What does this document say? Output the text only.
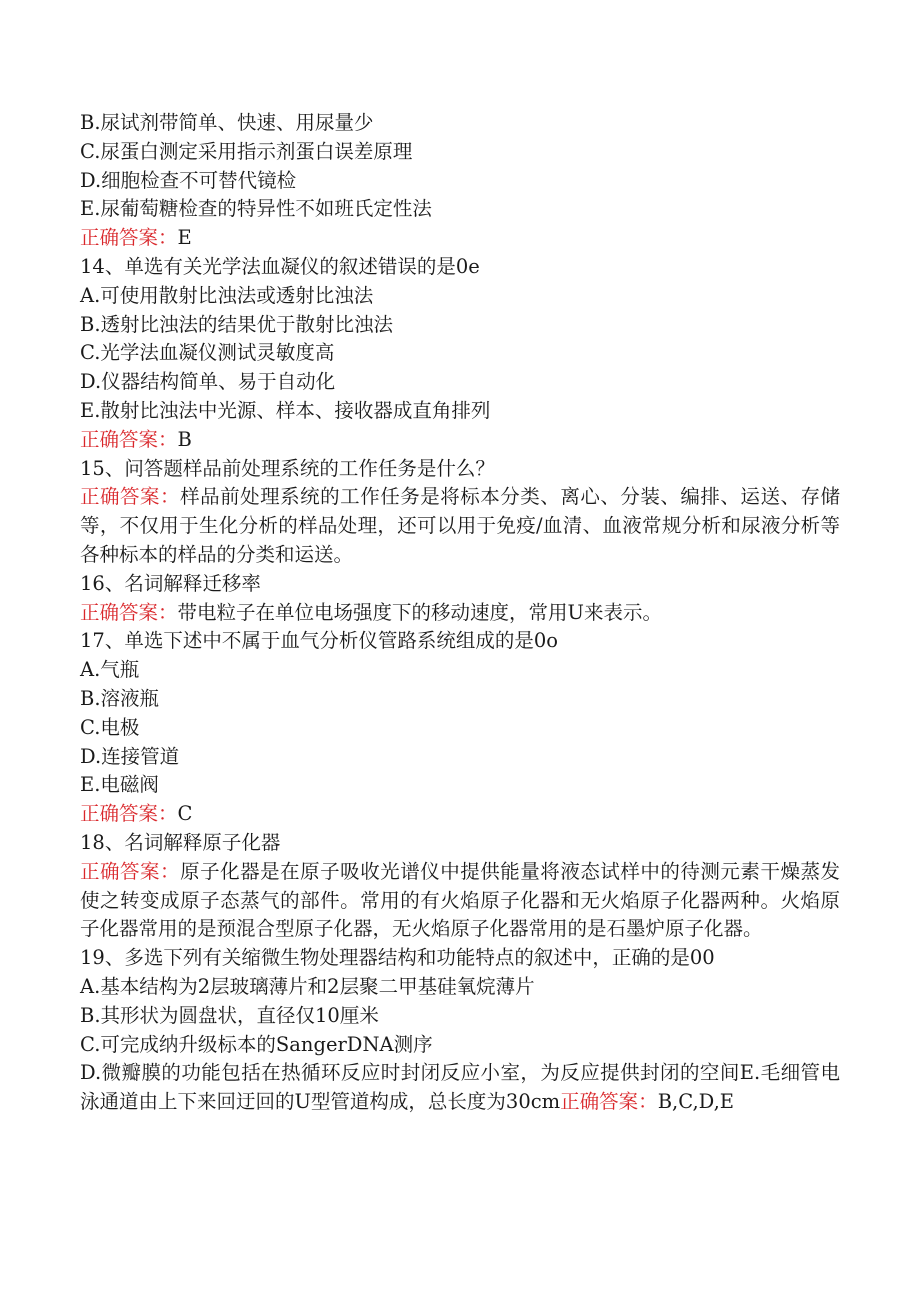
B.尿试剂带简单、快速、用尿量少
C.尿蛋白测定采用指示剂蛋白误差原理
D.细胞检查不可替代镜检
E.尿葡萄糖检查的特异性不如班氏定性法
正确答案：E
14、单选有关光学法血凝仪的叙述错误的是0e
A.可使用散射比浊法或透射比浊法
B.透射比浊法的结果优于散射比浊法
C.光学法血凝仪测试灵敏度高
D.仪器结构简单、易于自动化
E.散射比浊法中光源、样本、接收器成直角排列
正确答案：B
15、问答题样品前处理系统的工作任务是什么？
正确答案：样品前处理系统的工作任务是将标本分类、离心、分装、编排、运送、存储等，不仅用于生化分析的样品处理，还可以用于免疫/血清、血液常规分析和尿液分析等各种标本的样品的分类和运送。
16、名词解释迁移率
正确答案：带电粒子在单位电场强度下的移动速度，常用U来表示。
17、单选下述中不属于血气分析仪管路系统组成的是0o
A.气瓶
B.溶液瓶
C.电极
D.连接管道
E.电磁阀
正确答案：C
18、名词解释原子化器
正确答案：原子化器是在原子吸收光谱仪中提供能量将液态试样中的待测元素干燥蒸发使之转变成原子态蒸气的部件。常用的有火焰原子化器和无火焰原子化器两种。火焰原子化器常用的是预混合型原子化器，无火焰原子化器常用的是石墨炉原子化器。
19、多选下列有关缩微生物处理器结构和功能特点的叙述中，正确的是00
A.基本结构为2层玻璃薄片和2层聚二甲基硅氧烷薄片
B.其形状为圆盘状，直径仅10厘米
C.可完成纳升级标本的SangerDNA测序
D.微瓣膜的功能包括在热循环反应时封闭反应小室，为反应提供封闭的空间E.毛细管电泳通道由上下来回迂回的U型管道构成，总长度为30cm正确答案：B,C,D,E
